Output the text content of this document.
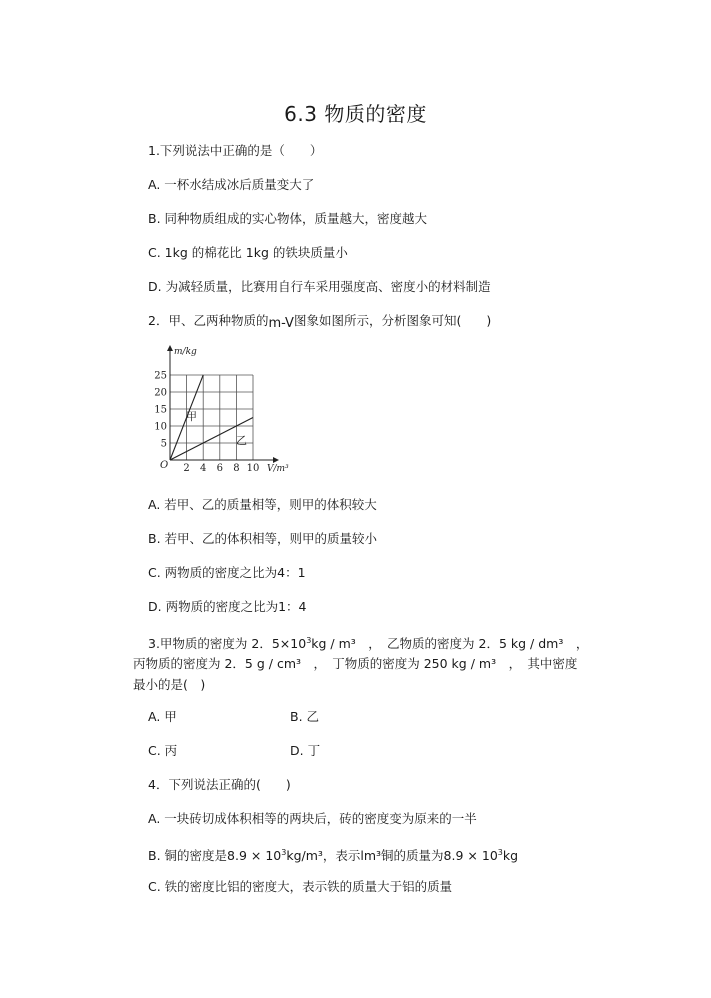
6.3 物质的密度
1.下列说法中正确的是（　　）
A. 一杯水结成冰后质量变大了
B. 同种物质组成的实心物体，质量越大，密度越大
C. 1kg 的棉花比 1kg 的铁块质量小
D. 为减轻质量，比赛用自行车采用强度高、密度小的材料制造
2．甲、乙两种物质的m-V图象如图所示，分析图象可知(　　)
2 4 6 8 10
5
10
15
20
25
O	V/m³
m/kg
甲
乙
A. 若甲、乙的质量相等，则甲的体积较大
B. 若甲、乙的体积相等，则甲的质量较小
C. 两物质的密度之比为4：1
D. 两物质的密度之比为1：4
3.甲物质的密度为 2．$5\times 10^3kg / m^3$　，　乙物质的密度为 2．5 kg / dm³　，
丙物质的密度为 2．5 g / cm³　，　丁物质的密度为 250 kg / m³　，　其中密度
最小的是(　)
A. 甲	B. 乙
C. 丙	D. 丁
4．下列说法正确的(　　)
A. 一块砖切成体积相等的两块后，砖的密度变为原来的一半
B. 铜的密度是$8.9 \times 10^3kg/m^3$，表示lm³铜的质量为$8.9 \times 10^3kg$
C. 铁的密度比铝的密度大，表示铁的质量大于铝的质量
